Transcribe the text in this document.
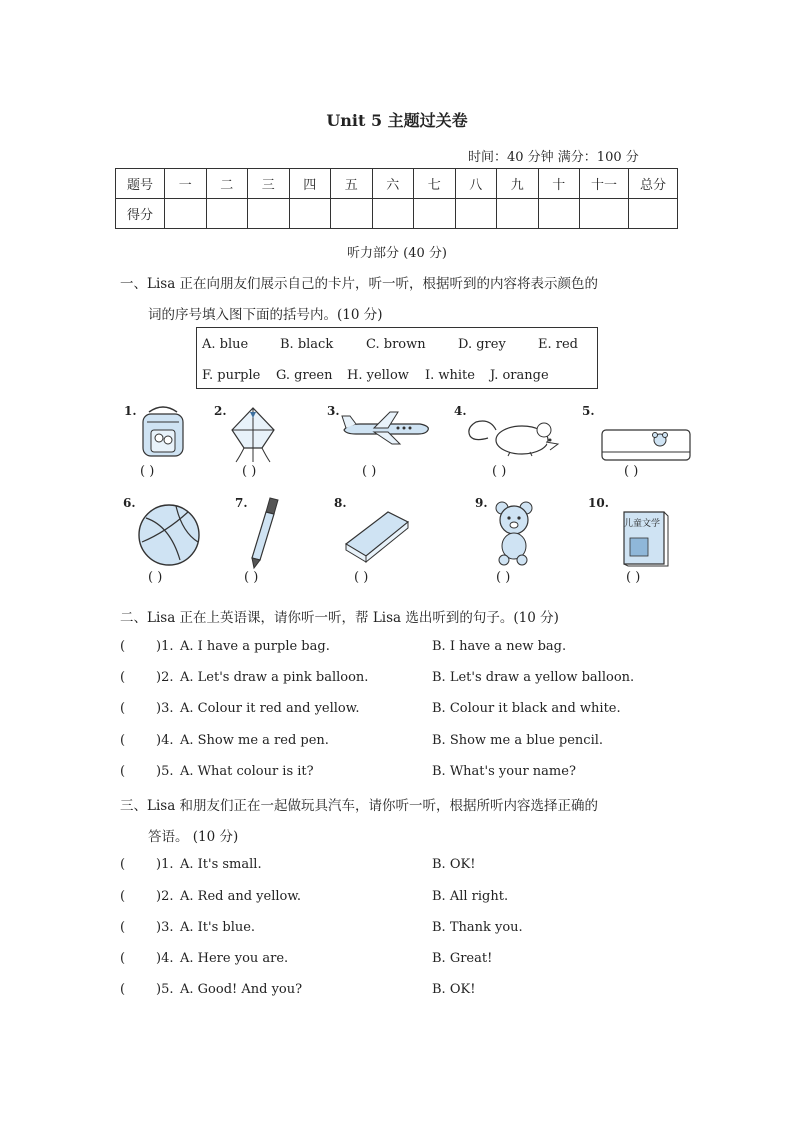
Unit 5 主题过关卷
时间：40 分钟 满分：100 分
题号	一	二	三	四	五	六	七	八	九	十	十一	总分
得分												
听力部分 (40 分)
一、Lisa 正在向朋友们展示自己的卡片，听一听，根据听到的内容将表示颜色的
词的序号填入图下面的括号内。(10 分)
A. blue B. black	C. brown D. grey E. red
F. purple G. green H. yellow I. white J. orange
1.
( )
2.
( )
3.
( )
4.
( )
5.
( )
6.
( )
7.
( )
8.
( )
9.
( )
10.
儿童文学
( )
二、Lisa 正在上英语课，请你听一听，帮 Lisa 选出听到的句子。(10 分)
( )1. A. I have a purple bag.	B. I have a new bag.
( )2. A. Let's draw a pink balloon.	B. Let's draw a yellow balloon.
( )3. A. Colour it red and yellow.	B. Colour it black and white.
( )4. A. Show me a red pen.	B. Show me a blue pencil.
( )5. A. What colour is it?	B. What's your name?
三、Lisa 和朋友们正在一起做玩具汽车，请你听一听，根据所听内容选择正确的
答语。 (10 分)
( )1. A. It's small.	B. OK!
( )2. A. Red and yellow.	B. All right.
( )3. A. It's blue.	B. Thank you.
( )4. A. Here you are.	B. Great!
( )5. A. Good! And you?	B. OK!
